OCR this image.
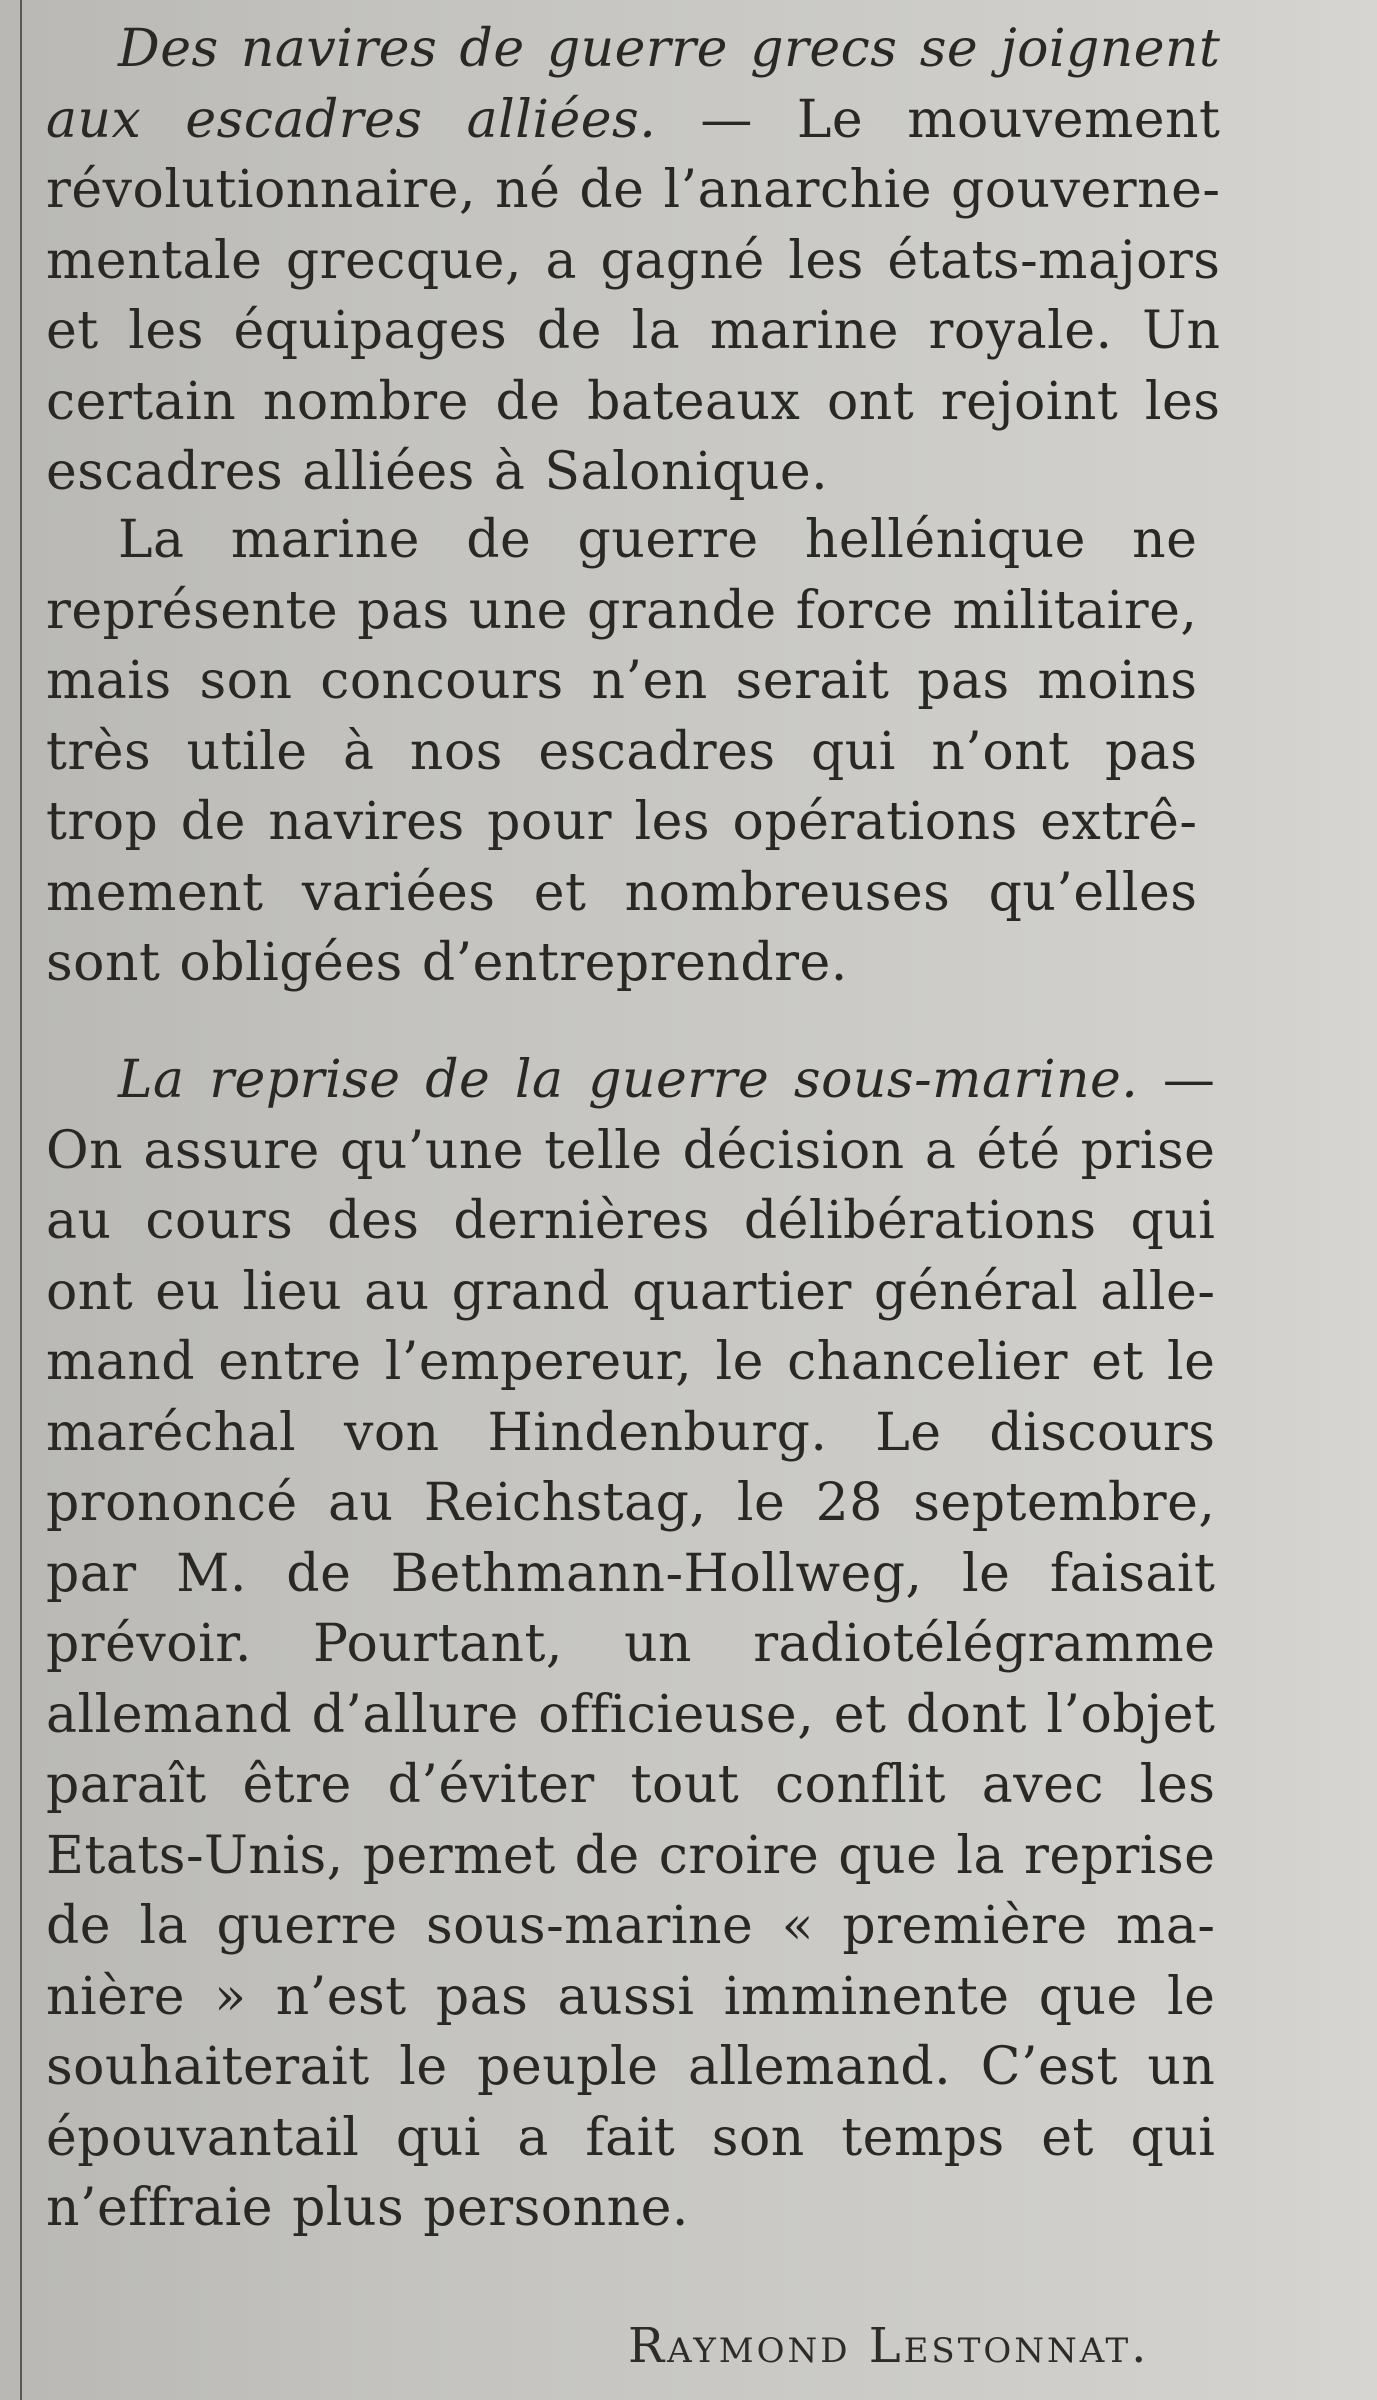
Des navires de guerre grecs se joignent
aux escadres alliées. — Le mouvement
révolutionnaire, né de l’anarchie gouverne-
mentale grecque, a gagné les états-majors
et les équipages de la marine royale. Un
certain nombre de bateaux ont rejoint les
escadres alliées à Salonique.

La marine de guerre hellénique ne
représente pas une grande force militaire,
mais son concours n’en serait pas moins
très utile à nos escadres qui n’ont pas
trop de navires pour les opérations extrê-
mement variées et nombreuses qu’elles
sont obligées d’entreprendre.

La reprise de la guerre sous-marine. —
On assure qu’une telle décision a été prise
au cours des dernières délibérations qui
ont eu lieu au grand quartier général alle-
mand entre l’empereur, le chancelier et le
maréchal von Hindenburg. Le discours
prononcé au Reichstag, le 28 septembre,
par M. de Bethmann-Hollweg, le faisait
prévoir. Pourtant, un radiotélégramme
allemand d’allure officieuse, et dont l’objet
paraît être d’éviter tout conflit avec les
Etats-Unis, permet de croire que la reprise
de la guerre sous-marine « première ma-
nière » n’est pas aussi imminente que le
souhaiterait le peuple allemand. C’est un
épouvantail qui a fait son temps et qui
n’effraie plus personne.

Raymond Lestonnat.
